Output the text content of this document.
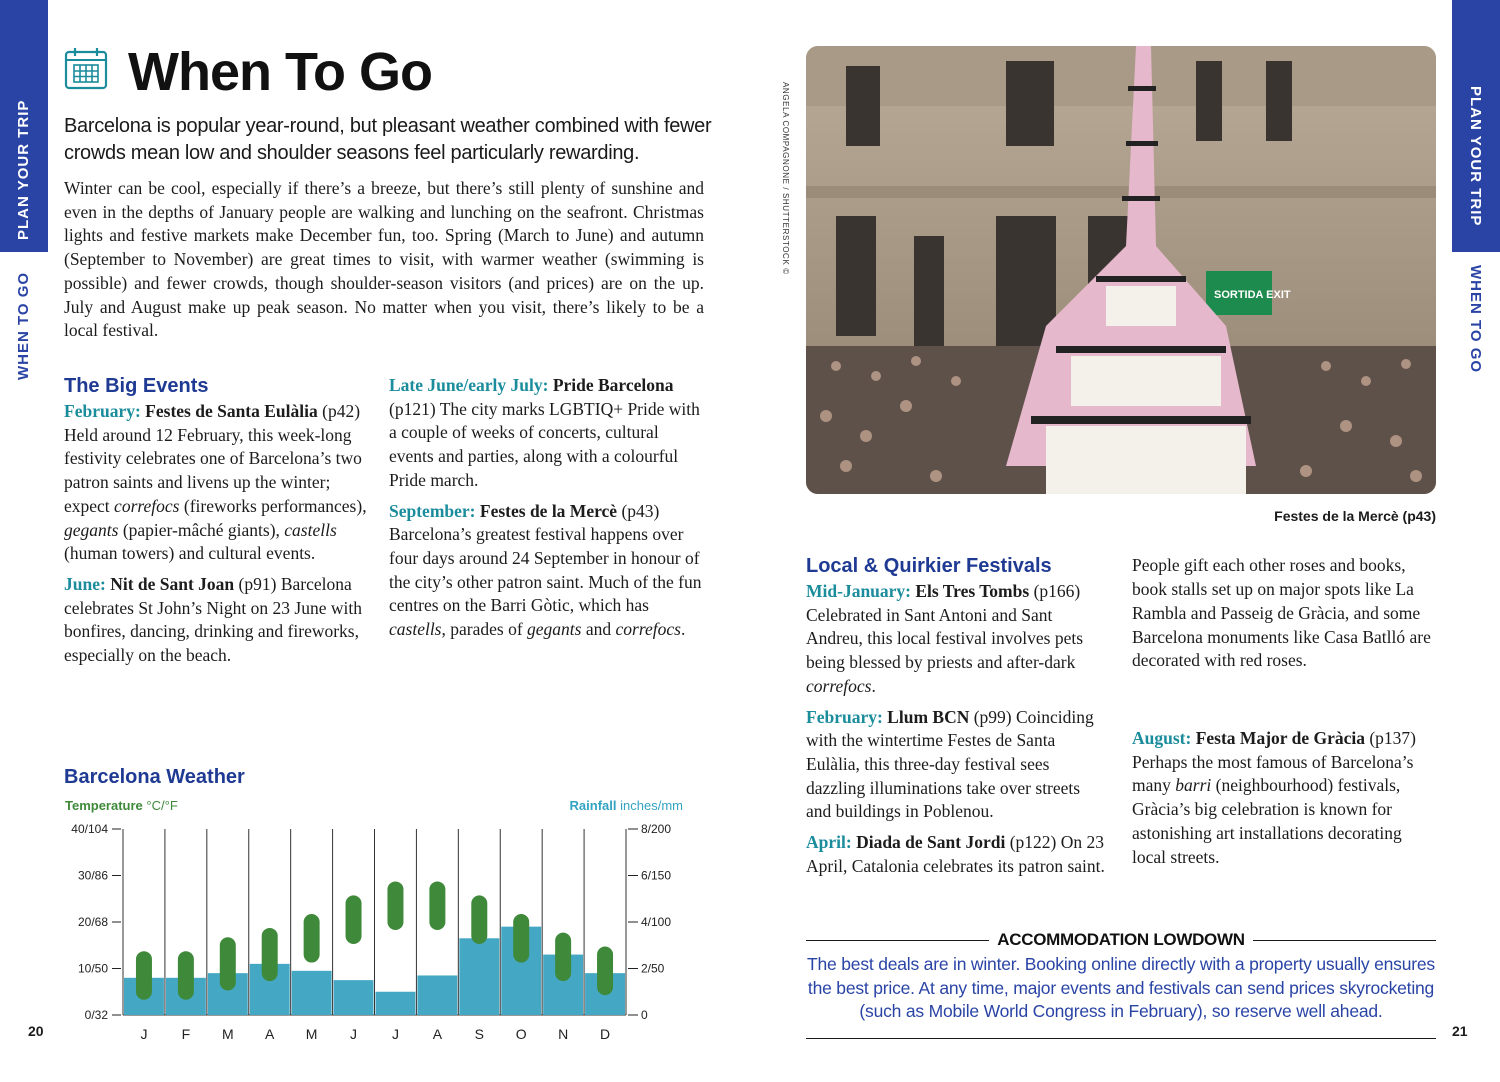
PLAN YOUR TRIP
WHEN TO GO
PLAN YOUR TRIP
WHEN TO GO
20	21
When To Go
Barcelona is popular year-round, but pleasant weather combined with fewer crowds mean low and shoulder seasons feel particularly rewarding.
Winter can be cool, especially if there’s a breeze, but there’s still plenty of sunshine and even in the depths of January people are walking and lunching on the seafront. Christmas lights and festive markets make December fun, too. Spring (March to June) and autumn (September to November) are great times to visit, with warmer weather (swimming is possible) and fewer crowds, though shoulder-season visitors (and prices) are on the up. July and August make up peak season. No matter when you visit, there’s likely to be a local festival.
The Big Events

February: Festes de Santa Eulàlia (p42) Held around 12 February, this week-long festivity celebrates one of Barcelona’s two patron saints and livens up the winter; expect correfocs (fireworks performances), gegants (papier-mâché giants), castells (human towers) and cultural events.

June: Nit de Sant Joan (p91) Barcelona celebrates St John’s Night on 23 June with bonfires, dancing, drinking and fireworks, especially on the beach.

Late June/early July: Pride Barcelona (p121) The city marks LGBTIQ+ Pride with a couple of weeks of concerts, cultural events and parties, along with a colourful Pride march.

September: Festes de la Mercè (p43) Barcelona’s greatest festival happens over four days around 24 September in honour of the city’s other patron saint. Much of the fun centres on the Barri Gòtic, which has castells, parades of gegants and correfocs.

SORTIDA EXIT
ANGELA COMPAGNONE / SHUTTERSTOCK ©
Festes de la Mercè (p43)
Local & Quirkier Festivals

Mid-January: Els Tres Tombs (p166) Celebrated in Sant Antoni and Sant Andreu, this local festival involves pets being blessed by priests and after-dark correfocs.

February: Llum BCN (p99) Coinciding with the wintertime Festes de Santa Eulàlia, this three-day festival sees dazzling illuminations take over streets and buildings in Poblenou.

April: Diada de Sant Jordi (p122) On 23 April, Catalonia celebrates its patron saint.

People gift each other roses and books, book stalls set up on major spots like La Rambla and Passeig de Gràcia, and some Barcelona monuments like Casa Batlló are decorated with red roses.

August: Festa Major de Gràcia (p137) Perhaps the most famous of Barcelona’s many barri (neighbourhood) festivals, Gràcia’s big celebration is known for astonishing art installations decorating local streets.

ACCOMMODATION LOWDOWN
The best deals are in winter. Booking online directly with a property usually ensures the best price. At any time, major events and festivals can send prices skyrocketing (such as Mobile World Congress in February), so reserve well ahead.
Barcelona Weather
Temperature °C/°F	Rainfall inches/mm
0/32
10/50
20/68
30/86
40/104
0
2/50
4/100
6/150
8/200
J F M A M J J A S O N D
